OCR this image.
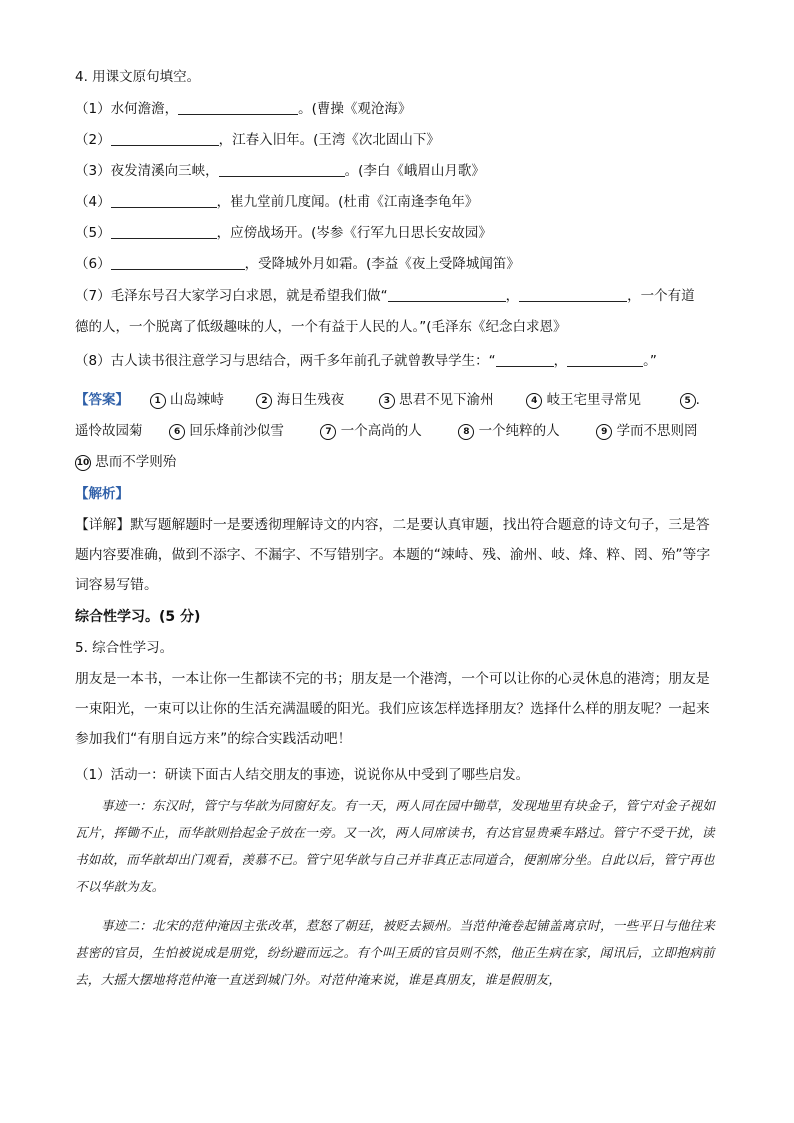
4. 用课文原句填空。
（1）水何澹澹，	。(曹操《观沧海》
（2）	，江春入旧年。(王湾《次北固山下》
（3）夜发清溪向三峡，	。(李白《峨眉山月歌》
（4）	，崔九堂前几度闻。(杜甫《江南逢李龟年》
（5）	，应傍战场开。(岑参《行军九日思长安故园》
（6）	，受降城外月如霜。(李益《夜上受降城闻笛》
（7）毛泽东号召大家学习白求恩，就是希望我们做“	，	，一个有道
德的人，一个脱离了低级趣味的人，一个有益于人民的人。”(毛泽东《纪念白求恩》
（8）古人读书很注意学习与思结合，两千多年前孔子就曾教导学生：“	，	。”
【答案】	1 山岛竦峙	2 海日生残夜	3 思君不见下渝州	4 岐王宅里寻常见	5 .
遥怜故园菊	6 回乐烽前沙似雪	7 一个高尚的人	8 一个纯粹的人	9 学而不思则罔
10 思而不学则殆
【解析】
【详解】默写题解题时一是要透彻理解诗文的内容，二是要认真审题，找出符合题意的诗文句子，三是答题内容要准确，做到不添字、不漏字、不写错别字。本题的“竦峙、残、渝州、岐、烽、粹、罔、殆”等字词容易写错。
综合性学习。(5 分)
5. 综合性学习。
朋友是一本书，一本让你一生都读不完的书；朋友是一个港湾，一个可以让你的心灵休息的港湾；朋友是一束阳光，一束可以让你的生活充满温暖的阳光。我们应该怎样选择朋友？选择什么样的朋友呢？一起来参加我们“有朋自远方来”的综合实践活动吧！
（1）活动一：研读下面古人结交朋友的事迹，说说你从中受到了哪些启发。
事迹一：东汉时，管宁与华歆为同窗好友。有一天，两人同在园中锄草，发现地里有块金子，管宁对金子视如瓦片，挥锄不止，而华歆则拾起金子放在一旁。又一次，两人同席读书，有达官显贵乘车路过。管宁不受干扰，读书如故，而华歆却出门观看，羡慕不已。管宁见华歆与自己并非真正志同道合，便割席分坐。自此以后，管宁再也不以华歆为友。
事迹二：北宋的范仲淹因主张改革，惹怒了朝廷，被贬去颍州。当范仲淹卷起铺盖离京时，一些平日与他往来甚密的官员，生怕被说成是朋党，纷纷避而远之。有个叫王质的官员则不然，他正生病在家，闻讯后，立即抱病前去，大摇大摆地将范仲淹一直送到城门外。对范仲淹来说，谁是真朋友，谁是假朋友，
